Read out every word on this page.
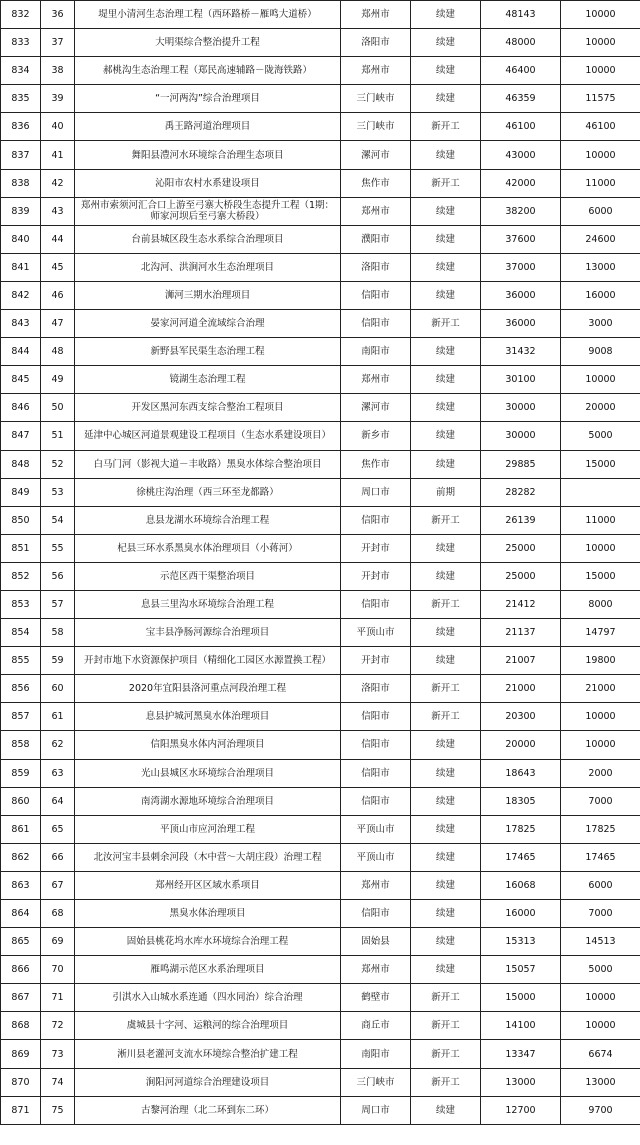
832	36	堤里小清河生态治理工程（西环路桥－雁鸣大道桥）	郑州市	续建	48143	10000
833	37	大明渠综合整治提升工程	洛阳市	续建	48000	10000
834	38	郝桃沟生态治理工程（郑民高速辅路－陇海铁路）	郑州市	续建	46400	10000
835	39	“一河两沟”综合治理项目	三门峡市	续建	46359	11575
836	40	禹王路河道治理项目	三门峡市	新开工	46100	46100
837	41	舞阳县澧河水环境综合治理生态项目	漯河市	续建	43000	10000
838	42	沁阳市农村水系建设项目	焦作市	新开工	42000	11000
839	43	郑州市索须河汇合口上游至弓寨大桥段生态提升工程（1期：师家河坝后至弓寨大桥段）	郑州市	续建	38200	6000
840	44	台前县城区段生态水系综合治理项目	濮阳市	续建	37600	24600
841	45	北沟河、洪涧河水生态治理项目	洛阳市	续建	37000	13000
842	46	浉河三期水治理项目	信阳市	续建	36000	16000
843	47	晏家河河道全流域综合治理	信阳市	新开工	36000	3000
844	48	新野县军民渠生态治理工程	南阳市	续建	31432	9008
845	49	镜湖生态治理工程	郑州市	续建	30100	10000
846	50	开发区黑河东西支综合整治工程项目	漯河市	续建	30000	20000
847	51	延津中心城区河道景观建设工程项目（生态水系建设项目）	新乡市	续建	30000	5000
848	52	白马门河（影视大道－丰收路）黑臭水体综合整治项目	焦作市	续建	29885	15000
849	53	徐桃庄沟治理（西三环至龙都路）	周口市	前期	28282	
850	54	息县龙湖水环境综合治理工程	信阳市	新开工	26139	11000
851	55	杞县三环水系黑臭水体治理项目（小蒋河）	开封市	续建	25000	10000
852	56	示范区西干渠整治项目	开封市	续建	25000	15000
853	57	息县三里沟水环境综合治理工程	信阳市	新开工	21412	8000
854	58	宝丰县净肠河源综合治理项目	平顶山市	续建	21137	14797
855	59	开封市地下水资源保护项目（精细化工园区水源置换工程）	开封市	续建	21007	19800
856	60	2020年宜阳县洛河重点河段治理工程	洛阳市	新开工	21000	21000
857	61	息县护城河黑臭水体治理项目	信阳市	新开工	20300	10000
858	62	信阳黑臭水体内河治理项目	信阳市	续建	20000	10000
859	63	光山县城区水环境综合治理项目	信阳市	续建	18643	2000
860	64	南湾湖水源地环境综合治理项目	信阳市	续建	18305	7000
861	65	平顶山市应河治理工程	平顶山市	续建	17825	17825
862	66	北汝河宝丰县刺余河段（木中营～大胡庄段）治理工程	平顶山市	续建	17465	17465
863	67	郑州经开区区域水系项目	郑州市	续建	16068	6000
864	68	黑臭水体治理项目	信阳市	续建	16000	7000
865	69	固始县桃花坞水库水环境综合治理工程	固始县	续建	15313	14513
866	70	雁鸣湖示范区水系治理项目	郑州市	续建	15057	5000
867	71	引淇水入山城水系连通（四水同治）综合治理	鹤壁市	新开工	15000	10000
868	72	虞城县十字河、运粮河的综合治理项目	商丘市	新开工	14100	10000
869	73	淅川县老灌河支流水环境综合整治扩建工程	南阳市	新开工	13347	6674
870	74	涧阳河河道综合治理建设项目	三门峡市	新开工	13000	13000
871	75	古黎河治理（北二环到东二环）	周口市	续建	12700	9700
